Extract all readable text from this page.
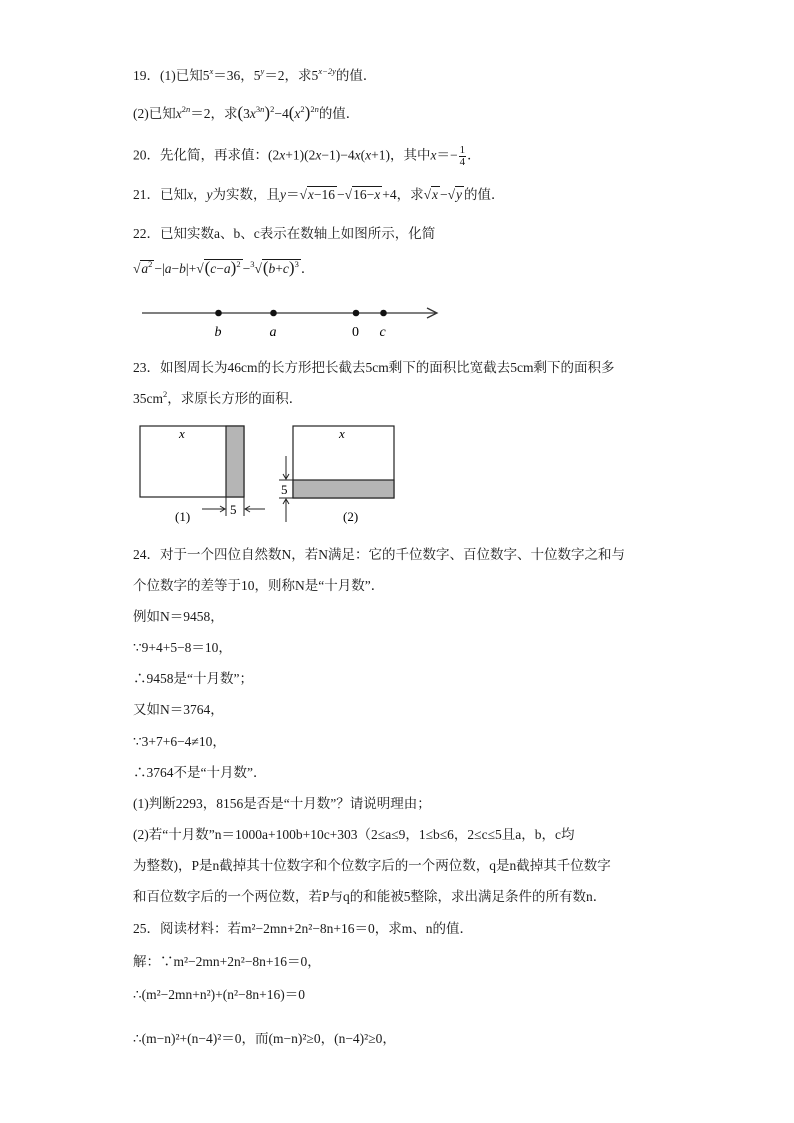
19．(1)已知$5^x=36$，$5^y=2$，求$5^{x-2y}$的值．
(2)已知$x^{2n}=2$，求$(3x^{3n})^2-4(x^2)^{2n}$的值．
20．先化简，再求值：(2x+1)(2x−1)−4x(x+1)，其中$x=- \frac{1}{4}$ ．
21．已知x，y为实数，且y＝√x−16 −√16−x +4，求√x −√y 的值．
22．已知实数a、b、c表示在数轴上如图所示，化简
$√a^2 -|a-b|+√(c-a)^2 -^3√(b+c)^3$ ．
b	a	0 c
23．如图周长为46cm的长方形把长截去5cm剩下的面积比宽截去5cm剩下的面积多
$35cm^2$，求原长方形的面积．
x
5
(1)
x
5
(2)
24．对于一个四位自然数N，若N满足：它的千位数字、百位数字、十位数字之和与
个位数字的差等于10，则称N是“十月数”．
例如N＝9458，
∵9+4+5−8＝10，
∴9458是“十月数”；
又如N＝3764，
∵3+7+6−4≠10，
∴3764不是“十月数”．
(1)判断2293，8156是否是“十月数”？请说明理由；
(2)若“十月数”n＝1000a+100b+10c+303（2≤a≤9，1≤b≤6，2≤c≤5且a，b，c均
为整数)，P是n截掉其十位数字和个位数字后的一个两位数，q是n截掉其千位数字
和百位数字后的一个两位数，若P与q的和能被5整除，求出满足条件的所有数n．
25．阅读材料：若m²−2mn+2n²−8n+16＝0，求m、n的值．
解：∵m²−2mn+2n²−8n+16＝0，
∴(m²−2mn+n²)+(n²−8n+16)＝0
∴(m−n)²+(n−4)²＝0，而(m−n)²≥0，(n−4)²≥0，
